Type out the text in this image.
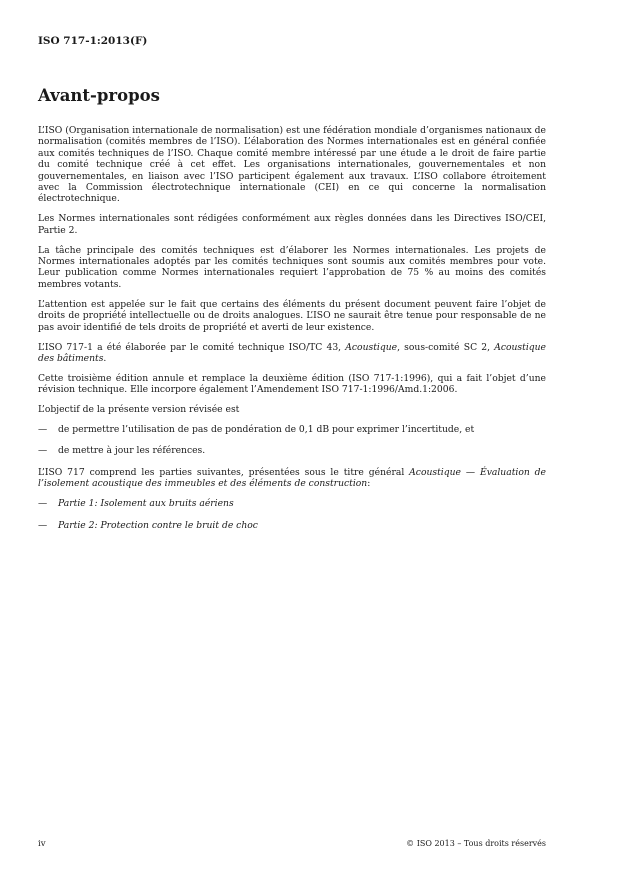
ISO 717-1:2013(F)
Avant-propos

L’ISO (Organisation internationale de normalisation) est une fédération mondiale d’organismes nationaux de normalisation (comités membres de l’ISO). L’élaboration des Normes internationales est en général confiée aux comités techniques de l’ISO. Chaque comité membre intéressé par une étude a le droit de faire partie du comité technique créé à cet effet. Les organisations internationales, gouvernementales et non gouvernementales, en liaison avec l’ISO participent également aux travaux. L’ISO collabore étroitement avec la Commission électrotechnique internationale (CEI) en ce qui concerne la normalisation électrotechnique.

Les Normes internationales sont rédigées conformément aux règles données dans les Directives ISO/CEI, Partie 2.

La tâche principale des comités techniques est d’élaborer les Normes internationales. Les projets de Normes internationales adoptés par les comités techniques sont soumis aux comités membres pour vote. Leur publication comme Normes internationales requiert l’approbation de 75 % au moins des comités membres votants.

L’attention est appelée sur le fait que certains des éléments du présent document peuvent faire l’objet de droits de propriété intellectuelle ou de droits analogues. L’ISO ne saurait être tenue pour responsable de ne pas avoir identifié de tels droits de propriété et averti de leur existence.

L’ISO 717-1 a été élaborée par le comité technique ISO/TC 43, Acoustique, sous-comité SC 2, Acoustique des bâtiments.

Cette troisième édition annule et remplace la deuxième édition (ISO 717-1:1996), qui a fait l’objet d’une révision technique. Elle incorpore également l’Amendement ISO 717-1:1996/Amd.1:2006.

L’objectif de la présente version révisée est

—	de permettre l’utilisation de pas de pondération de 0,1 dB pour exprimer l’incertitude, et
—	de mettre à jour les références.

L’ISO 717 comprend les parties suivantes, présentées sous le titre général Acoustique — Évaluation de l’isolement acoustique des immeubles et des éléments de construction:

—	Partie 1: Isolement aux bruits aériens
—	Partie 2: Protection contre le bruit de choc
iv	© ISO 2013 – Tous droits réservés
